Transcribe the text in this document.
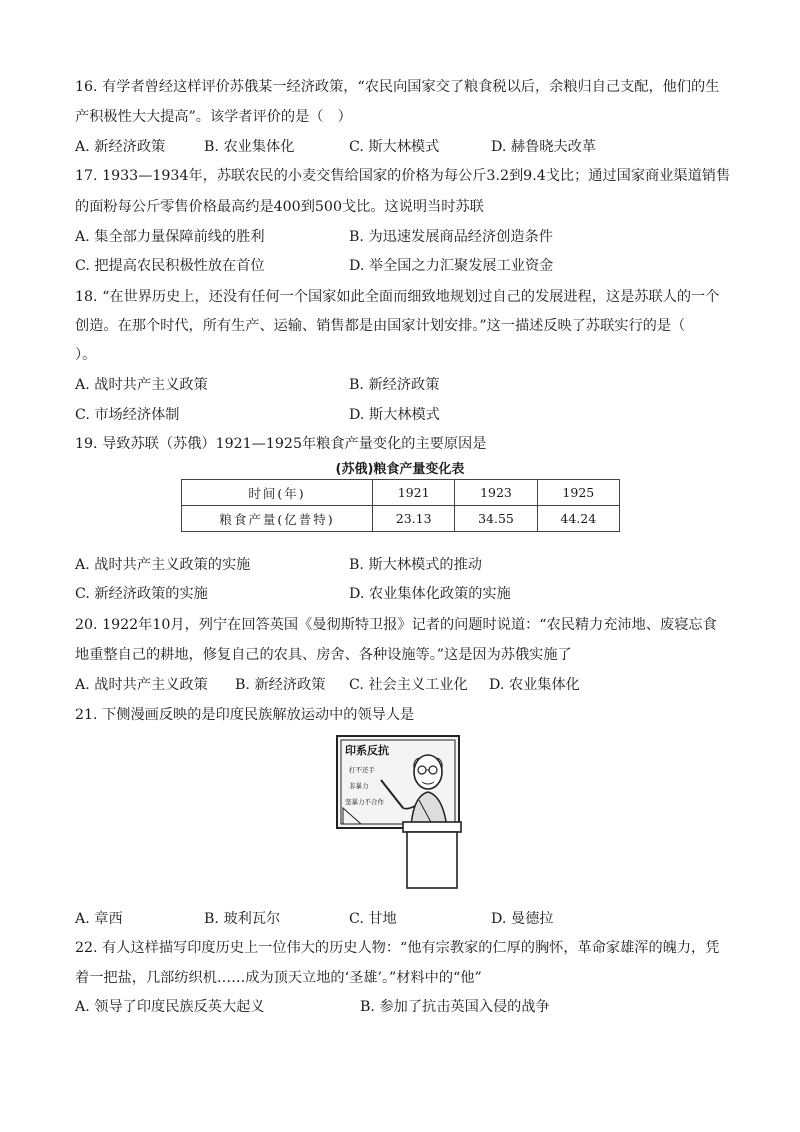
16. 有学者曾经这样评价苏俄某一经济政策，“农民向国家交了粮食税以后，余粮归自己支配，他们的生
产积极性大大提高”。该学者评价的是（　）
A. 新经济政策	B. 农业集体化	C. 斯大林模式	D. 赫鲁晓夫改革
17. 1933—1934年，苏联农民的小麦交售给国家的价格为每公斤3.2到9.4戈比；通过国家商业渠道销售
的面粉每公斤零售价格最高约是400到500戈比。这说明当时苏联
A. 集全部力量保障前线的胜利	B. 为迅速发展商品经济创造条件
C. 把提高农民积极性放在首位	D. 举全国之力汇聚发展工业资金
18. “在世界历史上，还没有任何一个国家如此全面而细致地规划过自己的发展进程，这是苏联人的一个
创造。在那个时代，所有生产、运输、销售都是由国家计划安排。”这一描述反映了苏联实行的是（
）。
A. 战时共产主义政策	B. 新经济政策
C. 市场经济体制	D. 斯大林模式
19. 导致苏联（苏俄）1921—1925年粮食产量变化的主要原因是
(苏俄)粮食产量变化表
时间(年)	1921	1923	1925
粮食产量(亿普特)	23.13	34.55	44.24
A. 战时共产主义政策的实施	B. 斯大林模式的推动
C. 新经济政策的实施	D. 农业集体化政策的实施
20. 1922年10月，列宁在回答英国《曼彻斯特卫报》记者的问题时说道：“农民精力充沛地、废寝忘食
地重整自己的耕地，修复自己的农具、房舍、各种设施等。”这是因为苏俄实施了
A. 战时共产主义政策 B. 新经济政策 C. 社会主义工业化 D. 农业集体化
21. 下侧漫画反映的是印度民族解放运动中的领导人是
印系反抗
打不还手
非暴力
坚暴力不合作
A. 章西	B. 玻利瓦尔	C. 甘地	D. 曼德拉
22. 有人这样描写印度历史上一位伟大的历史人物：“他有宗教家的仁厚的胸怀，革命家雄浑的魄力，凭
着一把盐，几部纺织机……成为顶天立地的‘圣雄’。”材料中的“他”
A. 领导了印度民族反英大起义	B. 参加了抗击英国入侵的战争
